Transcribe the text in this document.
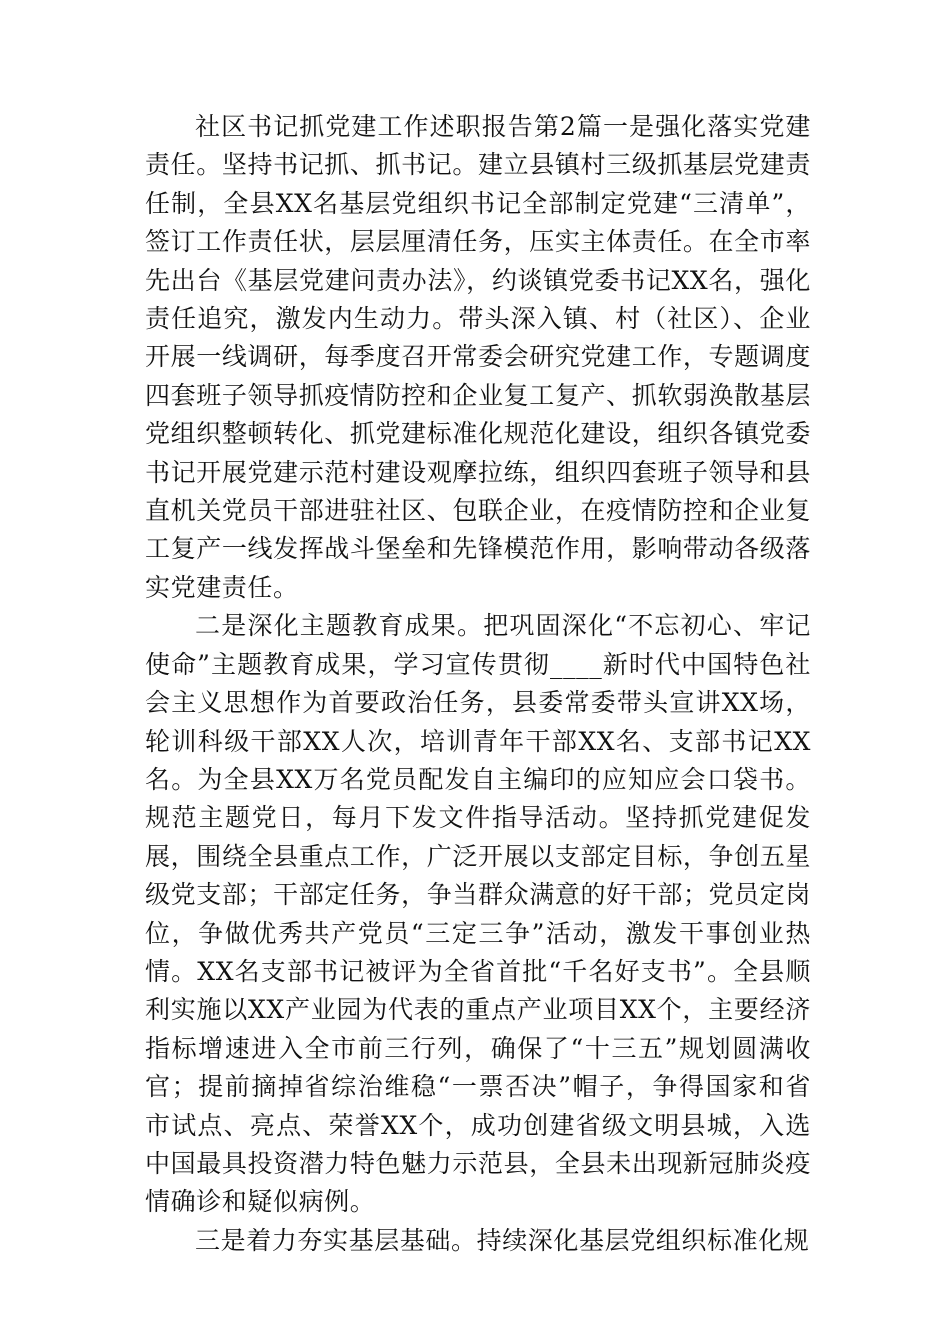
社区书记抓党建工作述职报告第2篇一是强化落实党建责任。坚持书记抓、抓书记。建立县镇村三级抓基层党建责任制，全县XX名基层党组织书记全部制定党建“三清单”，签订工作责任状，层层厘清任务，压实主体责任。在全市率先出台《基层党建问责办法》，约谈镇党委书记XX名，强化责任追究，激发内生动力。带头深入镇、村（社区）、企业开展一线调研，每季度召开常委会研究党建工作，专题调度四套班子领导抓疫情防控和企业复工复产、抓软弱涣散基层党组织整顿转化、抓党建标准化规范化建设，组织各镇党委书记开展党建示范村建设观摩拉练，组织四套班子领导和县直机关党员干部进驻社区、包联企业，在疫情防控和企业复工复产一线发挥战斗堡垒和先锋模范作用，影响带动各级落实党建责任。

二是深化主题教育成果。把巩固深化“不忘初心、牢记使命”主题教育成果，学习宣传贯彻____新时代中国特色社会主义思想作为首要政治任务，县委常委带头宣讲XX场，轮训科级干部XX人次，培训青年干部XX名、支部书记XX名。为全县XX万名党员配发自主编印的应知应会口袋书。规范主题党日，每月下发文件指导活动。坚持抓党建促发展，围绕全县重点工作，广泛开展以支部定目标，争创五星级党支部；干部定任务，争当群众满意的好干部；党员定岗位，争做优秀共产党员“三定三争”活动，激发干事创业热情。XX名支部书记被评为全省首批“千名好支书”。全县顺利实施以XX产业园为代表的重点产业项目XX个，主要经济指标增速进入全市前三行列，确保了“十三五”规划圆满收官；提前摘掉省综治维稳“一票否决”帽子，争得国家和省市试点、亮点、荣誉XX个，成功创建省级文明县城，入选中国最具投资潜力特色魅力示范县，全县未出现新冠肺炎疫情确诊和疑似病例。

三是着力夯实基层基础。持续深化基层党组织标准化规
